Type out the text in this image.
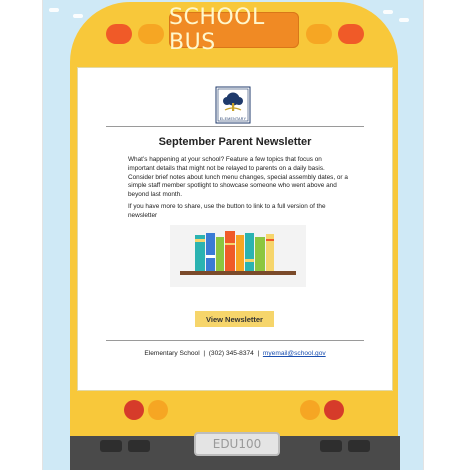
SCHOOL BUS
ELEMENTARY
September Parent Newsletter
What’s happening at your school? Feature a few topics that focus on important details that might not be relayed to parents on a daily basis. Consider brief notes about lunch menu changes, special assembly dates, or a simple staff member spotlight to showcase someone who went above and beyond last month.
If you have more to share, use the button to link to a full version of the newsletter
View Newsletter
Elementary School | (302) 345-8374 | myemail@school.gov
EDU100
